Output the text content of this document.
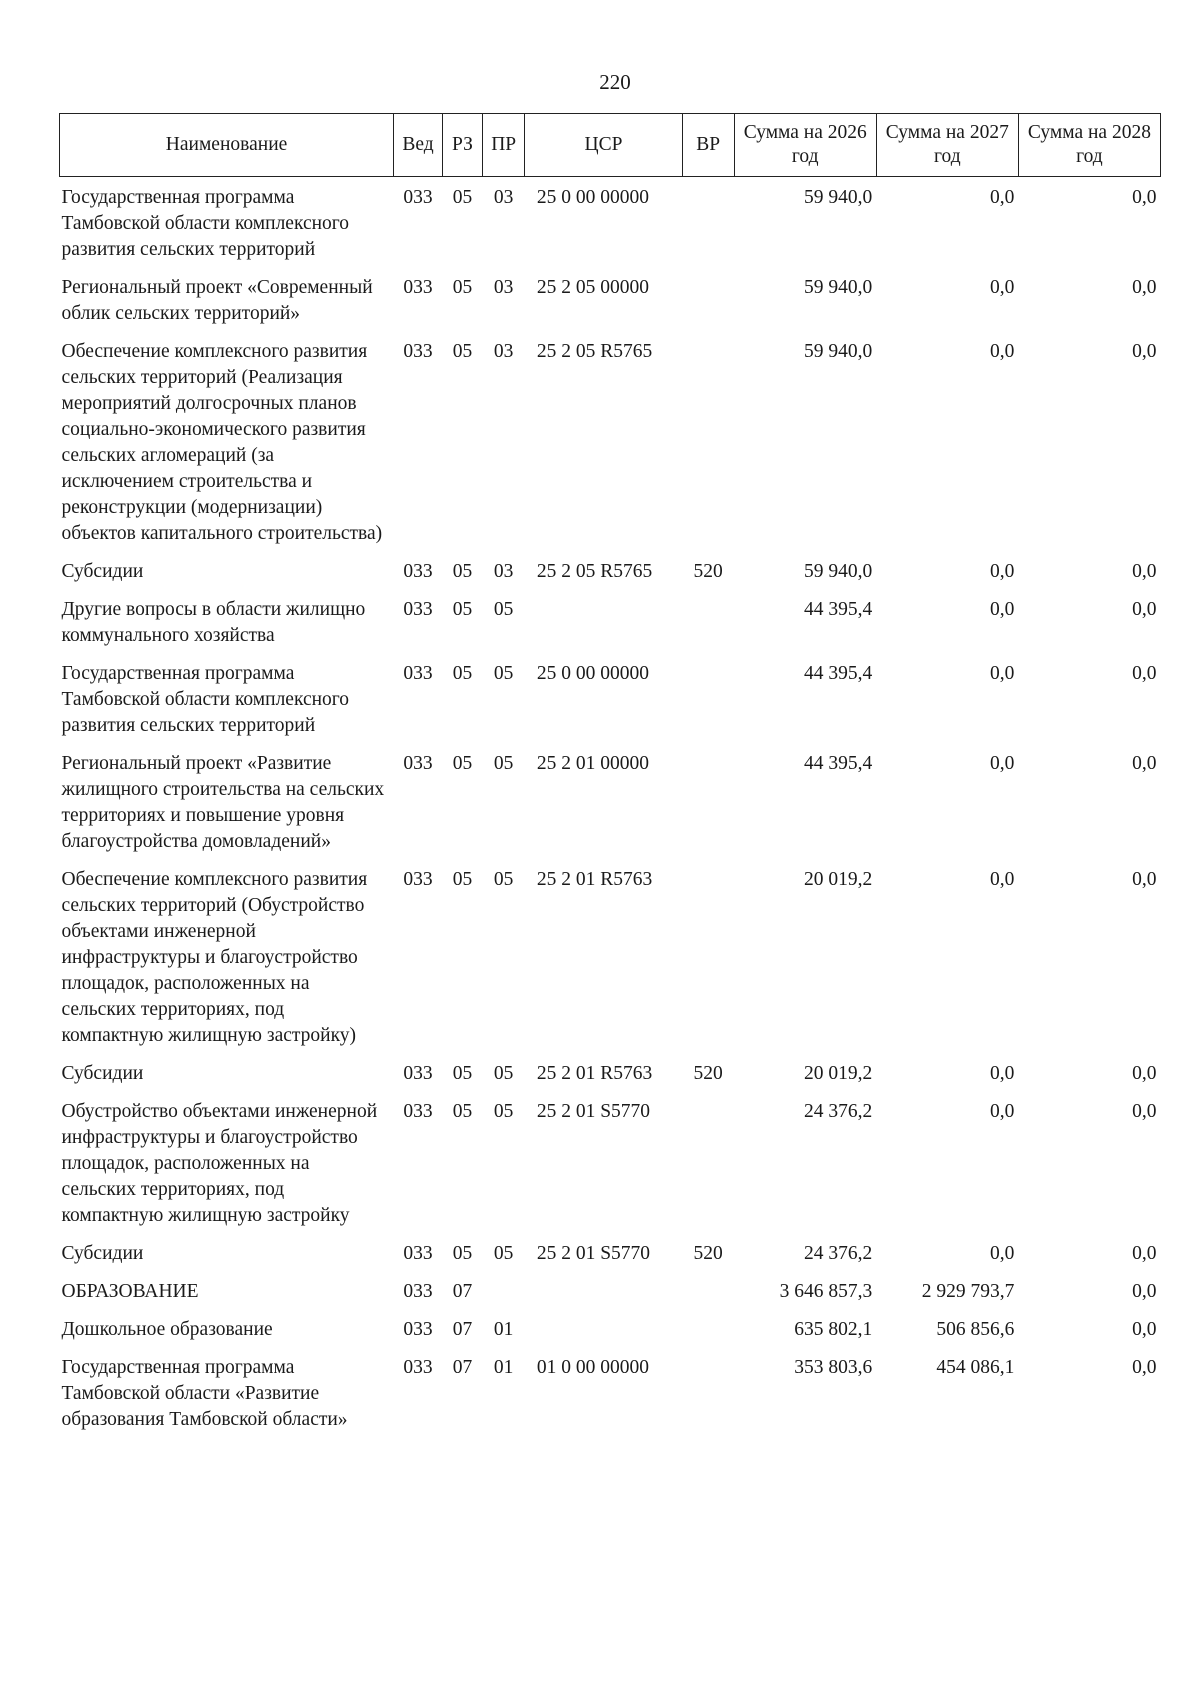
220
Наименование	Вед	РЗ	ПР	ЦСР	ВР	Сумма на 2026 год	Сумма на 2027 год	Сумма на 2028 год
Государственная программа Тамбовской области комплексного развития сельских территорий	033	05	03	25 0 00 00000		59 940,0	0,0	0,0
Региональный проект «Современный облик сельских территорий»	033	05	03	25 2 05 00000		59 940,0	0,0	0,0
Обеспечение комплексного развития сельских территорий (Реализация мероприятий долгосрочных планов социально-экономического развития сельских агломераций (за исключением строительства и реконструкции (модернизации) объектов капитального строительства)	033	05	03	25 2 05 R5765		59 940,0	0,0	0,0
Субсидии	033	05	03	25 2 05 R5765	520	59 940,0	0,0	0,0
Другие вопросы в области жилищно коммунального хозяйства	033	05	05			44 395,4	0,0	0,0
Государственная программа Тамбовской области комплексного развития сельских территорий	033	05	05	25 0 00 00000		44 395,4	0,0	0,0
Региональный проект «Развитие жилищного строительства на сельских территориях и повышение уровня благоустройства домовладений»	033	05	05	25 2 01 00000		44 395,4	0,0	0,0
Обеспечение комплексного развития сельских территорий (Обустройство объектами инженерной инфраструктуры и благоустройство площадок, расположенных на сельских территориях, под компактную жилищную застройку)	033	05	05	25 2 01 R5763		20 019,2	0,0	0,0
Субсидии	033	05	05	25 2 01 R5763	520	20 019,2	0,0	0,0
Обустройство объектами инженерной инфраструктуры и благоустройство площадок, расположенных на сельских территориях, под компактную жилищную застройку	033	05	05	25 2 01 S5770		24 376,2	0,0	0,0
Субсидии	033	05	05	25 2 01 S5770	520	24 376,2	0,0	0,0
ОБРАЗОВАНИЕ	033	07				3 646 857,3	2 929 793,7	0,0
Дошкольное образование	033	07	01			635 802,1	506 856,6	0,0
Государственная программа Тамбовской области «Развитие образования Тамбовской области»	033	07	01	01 0 00 00000		353 803,6	454 086,1	0,0
